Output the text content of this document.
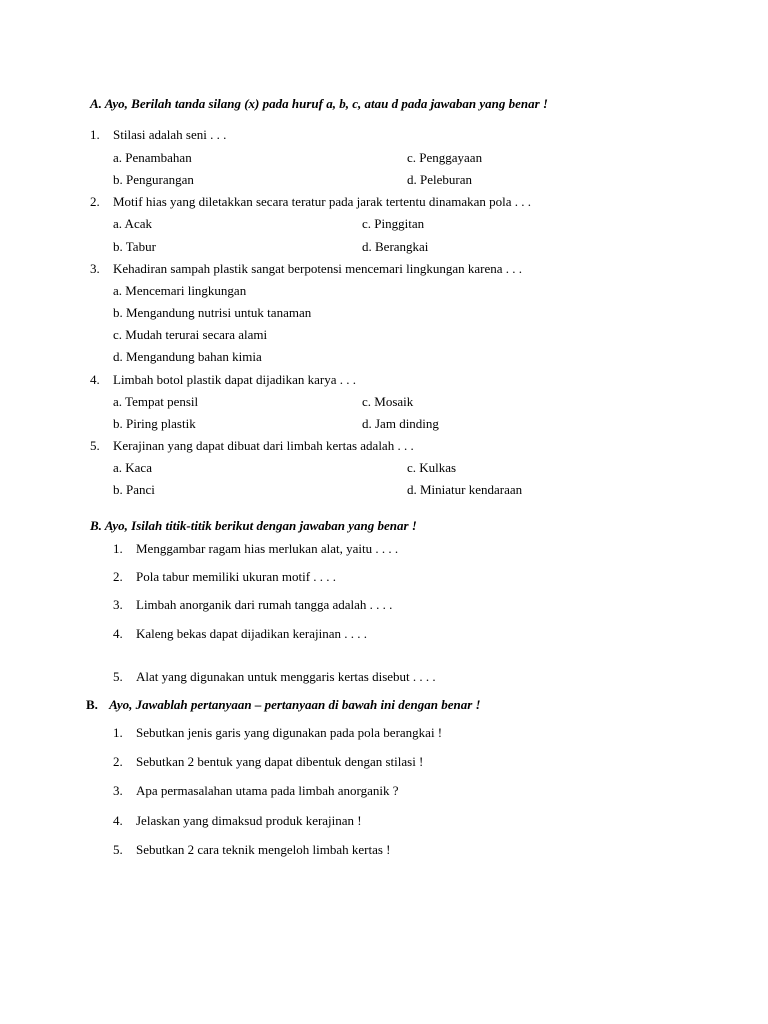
A. Ayo, Berilah tanda silang (x) pada huruf a, b, c, atau d pada jawaban yang benar !
1. Stilasi adalah seni . . .
a. Penambahan	c. Penggayaan
b. Pengurangan	d. Peleburan
2. Motif hias yang diletakkan secara teratur pada jarak tertentu dinamakan pola . . .
a. Acak	c. Pinggitan
b. Tabur	d. Berangkai
3. Kehadiran sampah plastik sangat berpotensi mencemari lingkungan karena . . .
a. Mencemari lingkungan
b. Mengandung nutrisi untuk tanaman
c. Mudah terurai secara alami
d. Mengandung bahan kimia
4. Limbah botol plastik dapat dijadikan karya . . .
a. Tempat pensil	c. Mosaik
b. Piring plastik	d. Jam dinding
5. Kerajinan yang dapat dibuat dari limbah kertas adalah . . .
a. Kaca	c. Kulkas
b. Panci	d. Miniatur kendaraan
B. Ayo, Isilah titik-titik berikut dengan jawaban yang benar !
1. Menggambar ragam hias merlukan alat, yaitu . . . .
2. Pola tabur memiliki ukuran motif . . . .
3. Limbah anorganik dari rumah tangga adalah . . . .
4. Kaleng bekas dapat dijadikan kerajinan . . . .
5. Alat yang digunakan untuk menggaris kertas disebut . . . .
B. Ayo, Jawablah pertanyaan – pertanyaan di bawah ini dengan benar !
1. Sebutkan jenis garis yang digunakan pada pola berangkai !
2. Sebutkan 2 bentuk yang dapat dibentuk dengan stilasi !
3. Apa permasalahan utama pada limbah anorganik ?
4. Jelaskan yang dimaksud produk kerajinan !
5. Sebutkan 2 cara teknik mengeloh limbah kertas !
